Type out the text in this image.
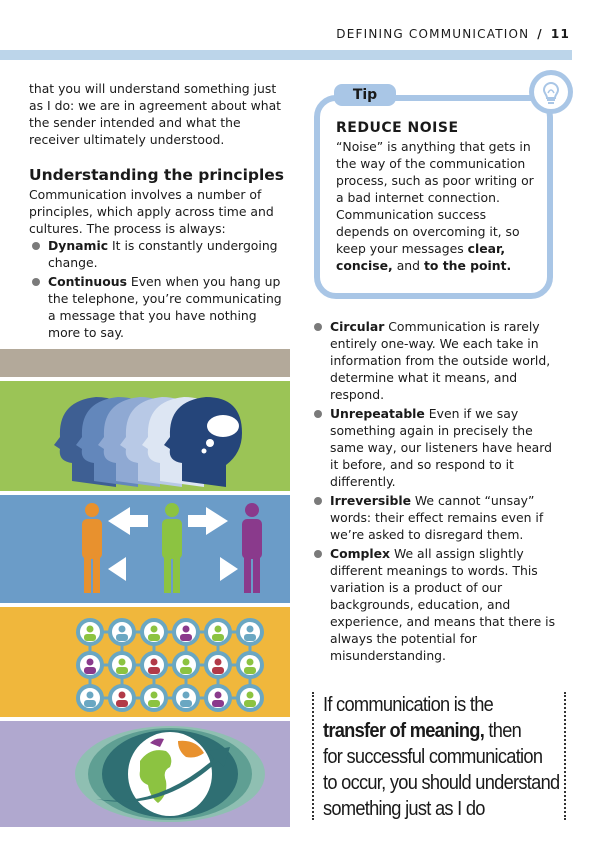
DEFINING COMMUNICATION / 11

that you will understand something just as I do: we are in agreement about what the sender intended and what the receiver ultimately understood.

Understanding the principles

Communication involves a number of principles, which apply across time and cultures. The process is always:

Dynamic It is constantly undergoing change.
Continuous Even when you hang up the telephone, you’re communicating a message that you have nothing more to say.
Tip
REDUCE NOISE
“Noise” is anything that gets in the way of the communication process, such as poor writing or a bad internet connection. Communication success depends on overcoming it, so keep your messages clear, concise, and to the point.
Circular Communication is rarely entirely one-way. We each take in information from the outside world, determine what it means, and respond.
Unrepeatable Even if we say something again in precisely the same way, our listeners have heard it before, and so respond to it differently.
Irreversible We cannot “unsay” words: their effect remains even if we’re asked to disregard them.
Complex We all assign slightly different meanings to words. This variation is a product of our backgrounds, education, and experience, and means that there is always the potential for misunderstanding.
If communication is the
transfer of meaning, then
for successful communication
to occur, you should understand
something just as I do
